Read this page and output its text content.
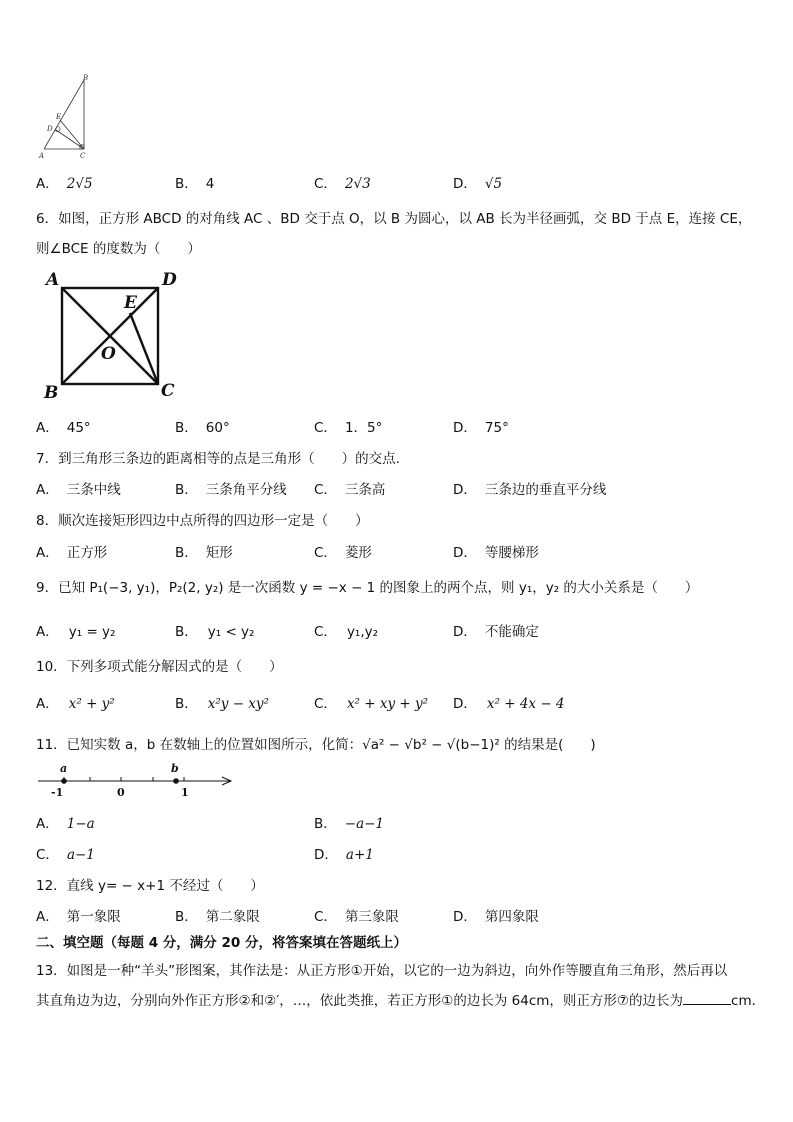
B
E
D O
A	C
A． 2√5	B． 4	C． 2√3	D． √5
6．如图，正方形 ABCD 的对角线 AC 、BD 交于点 O，以 B 为圆心，以 AB 长为半径画弧，交 BD 于点 E，连接 CE，
则∠BCE 的度数为（　　）
A	D
E
O
B	C
A． 45°	B． 60°	C． 1．5°	D． 75°
7．到三角形三条边的距离相等的点是三角形（　　）的交点.
A． 三条中线	B． 三条角平分线 C． 三条高	D． 三条边的垂直平分线
8．顺次连接矩形四边中点所得的四边形一定是（　　）
A． 正方形	B． 矩形	C． 菱形	D． 等腰梯形
9．已知 P₁(−3, y₁)，P₂(2, y₂) 是一次函数 y = −x − 1 的图象上的两个点，则 y₁，y₂ 的大小关系是（　　）
A． y₁ = y₂	B． y₁ < y₂	C． y₁,y₂	D． 不能确定
10．下列多项式能分解因式的是（　　）
A． x² + y²	B． x²y − xy²	C． x² + xy + y² D． x² + 4x − 4
11．已知实数 a，b 在数轴上的位置如图所示，化简：√a² − √b² − √(b−1)² 的结果是(　　)
a	b
-1	0	1
A． 1−a	B． −a−1
C． a−1	D． a+1
12．直线 y= − x+1 不经过（　　）
A． 第一象限	B． 第二象限	C． 第三象限	D． 第四象限
二、填空题（每题 4 分，满分 20 分，将答案填在答题纸上）
13．如图是一种“羊头”形图案，其作法是：从正方形①开始，以它的一边为斜边，向外作等腰直角三角形，然后再以
其直角边为边，分别向外作正方形②和②′，…，依此类推，若正方形①的边长为 64cm，则正方形⑦的边长为	cm．
